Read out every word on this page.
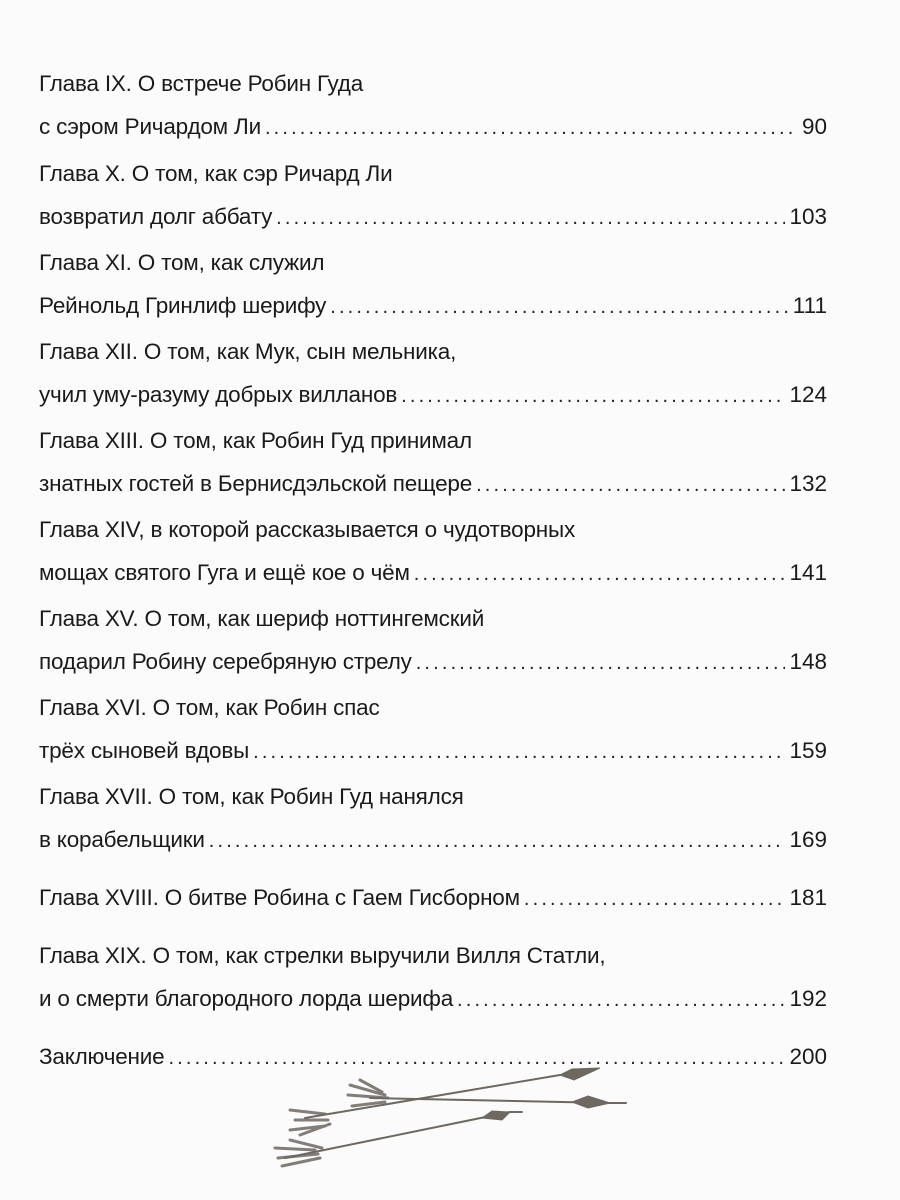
Глава IX. О встрече Робин Гуда
с сэром Ричардом Ли . . .	90
Глава X. О том, как сэр Ричард Ли
возвратил долг аббату . . .	103
Глава XI. О том, как служил
Рейнольд Гринлиф шерифу . . .	111
Глава XII. О том, как Мук, сын мельника,
учил уму-разуму добрых вилланов . . .	124
Глава XIII. О том, как Робин Гуд принимал
знатных гостей в Бернисдэльской пещере . . .	132
Глава XIV, в которой рассказывается о чудотворных
мощах святого Гуга и ещё кое о чём . . .	141
Глава XV. О том, как шериф ноттингемский
подарил Робину серебряную стрелу . . .	148
Глава XVI. О том, как Робин спас
трёх сыновей вдовы . . .	159
Глава XVII. О том, как Робин Гуд нанялся
в корабельщики . . .	169
Глава XVIII. О битве Робина с Гаем Гисборном . . .	181
Глава XIX. О том, как стрелки выручили Вилля Статли,
и о смерти благородного лорда шерифа . . .	192
Заключение . . .	200
